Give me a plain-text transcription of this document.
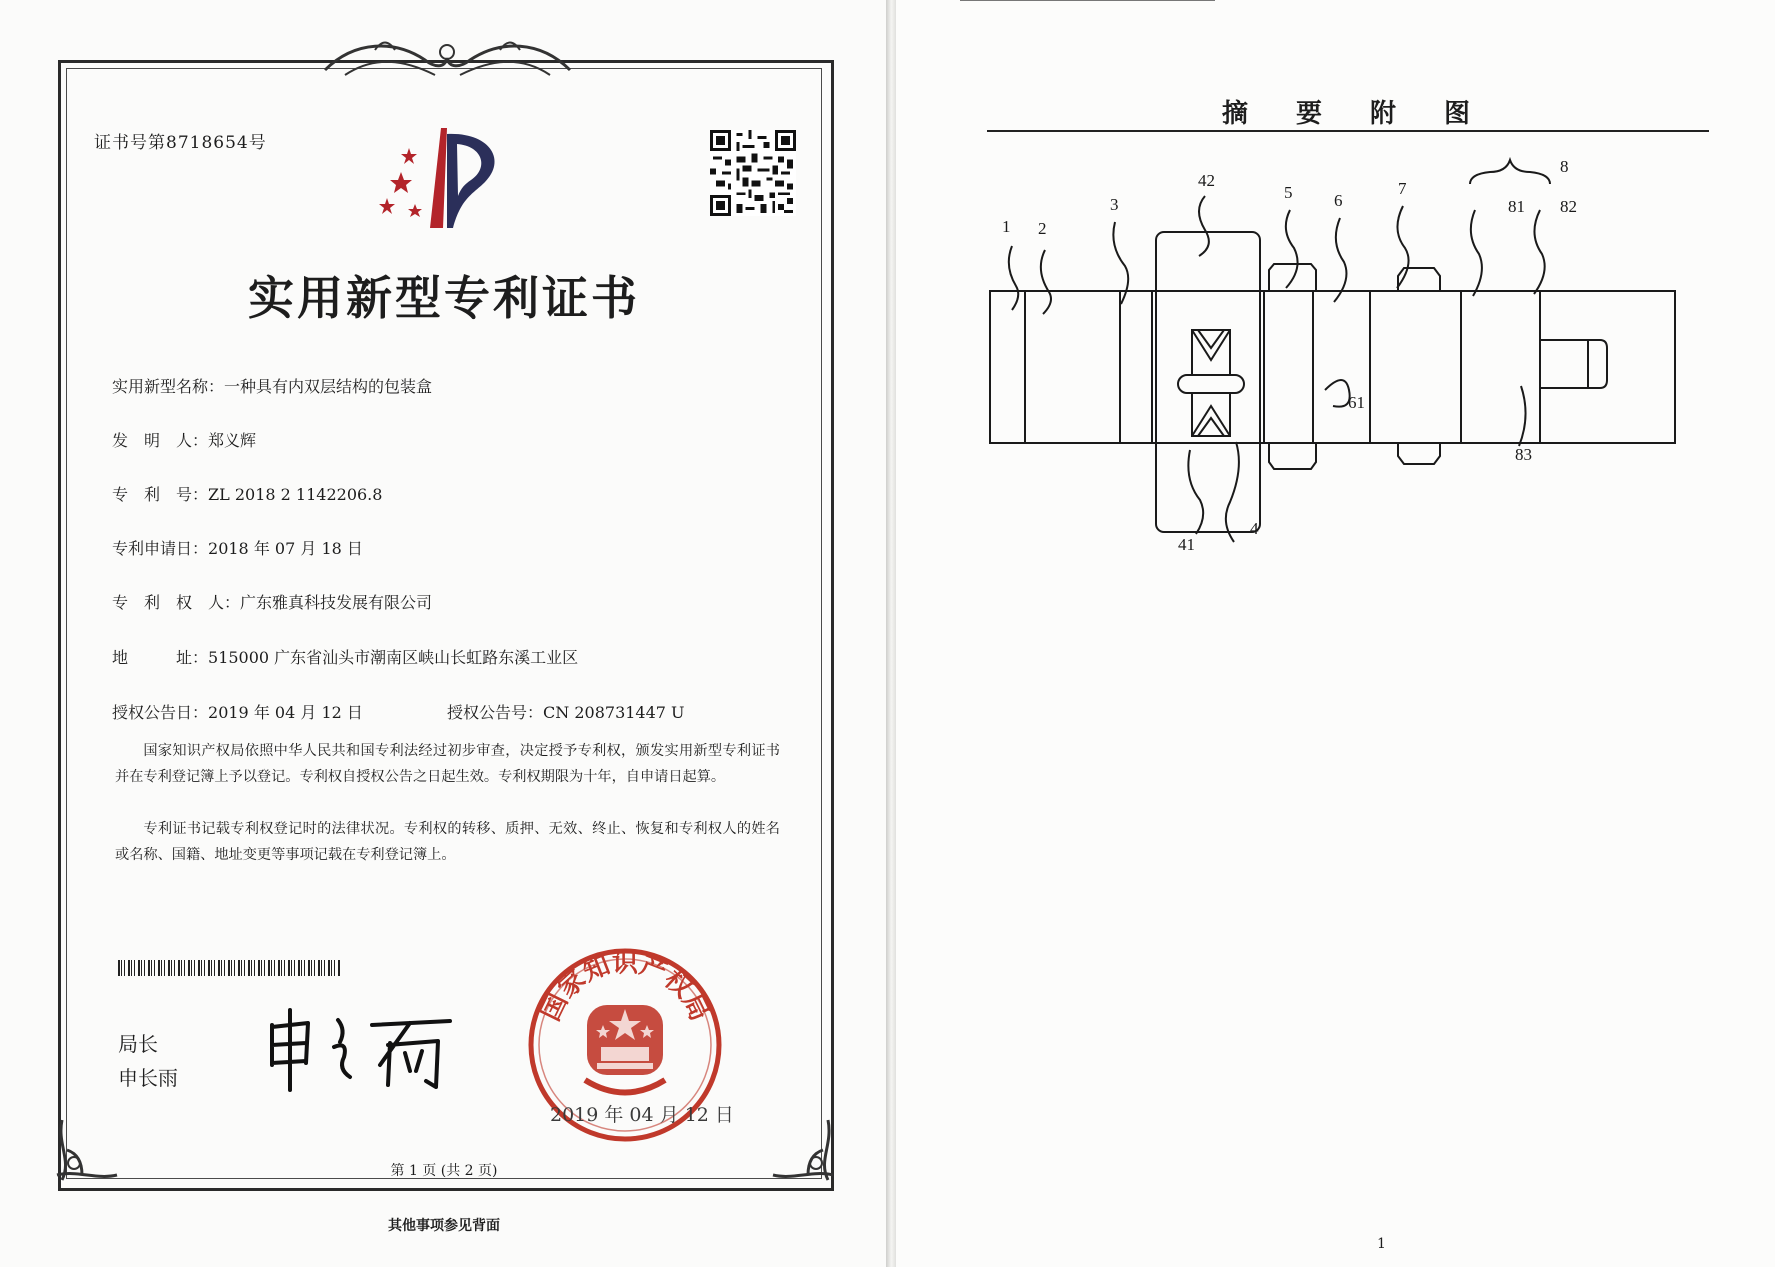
证书号第8718654号
实用新型专利证书
实用新型名称：一种具有内双层结构的包装盒
发　明　人：郑义辉
专　利　号：ZL 2018 2 1142206.8
专利申请日：2018 年 07 月 18 日
专　利　权　人：广东雅真科技发展有限公司
地　　　址：515000 广东省汕头市潮南区峡山长虹路东溪工业区
授权公告日：2019 年 04 月 12 日	授权公告号：CN 208731447 U
国家知识产权局依照中华人民共和国专利法经过初步审查，决定授予专利权，颁发实用新型专利证书并在专利登记簿上予以登记。专利权自授权公告之日起生效。专利权期限为十年，自申请日起算。
专利证书记载专利权登记时的法律状况。专利权的转移、质押、无效、终止、恢复和专利权人的姓名或名称、国籍、地址变更等事项记载在专利登记簿上。
局长
申长雨
国家知识产权局
2019 年 04 月 12 日
第 1 页 (共 2 页)
其他事项参见背面
摘要附图
1 2
3
42
5 6
7
8
81 82
61
83
41
4
1
